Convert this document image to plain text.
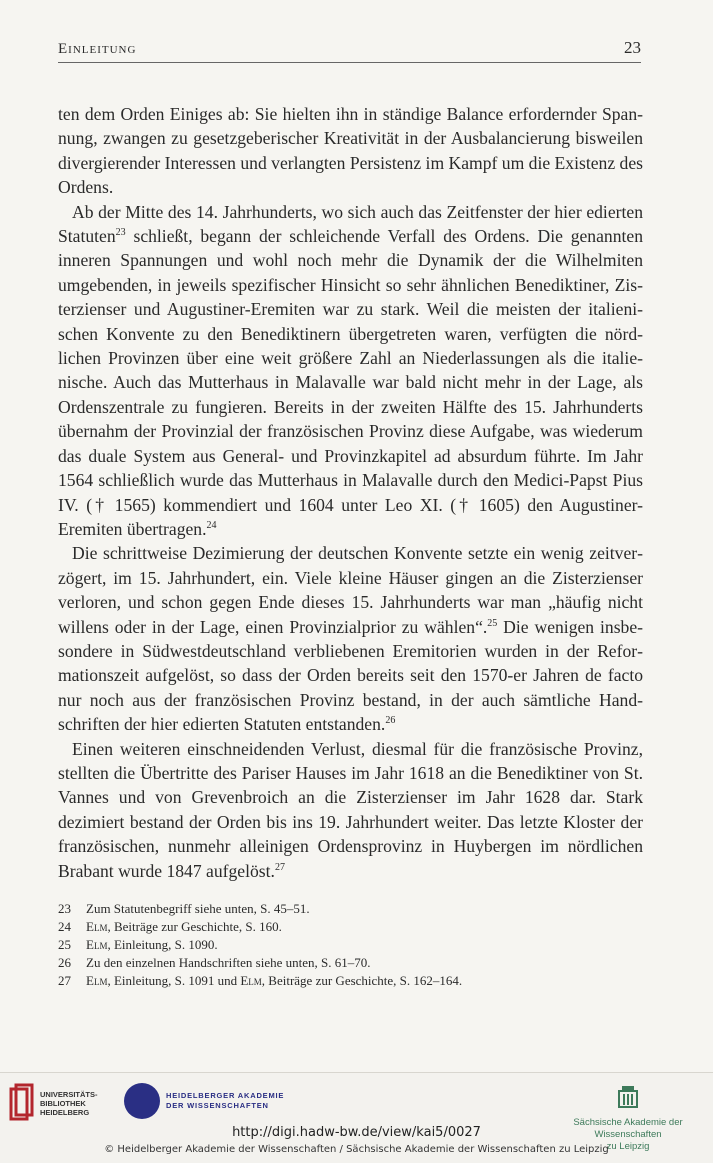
Einleitung	23

ten dem Orden Einiges ab: Sie hielten ihn in ständige Balance erfordernder Spannung, zwangen zu gesetzgeberischer Kreativität in der Ausbalancierung bisweilen divergierender Interessen und verlangten Persistenz im Kampf um die Existenz des Ordens.

Ab der Mitte des 14. Jahrhunderts, wo sich auch das Zeitfenster der hier edierten Statuten$^{23}$ schließt, begann der schleichende Verfall des Ordens. Die genannten inneren Spannungen und wohl noch mehr die Dynamik der die Wilhelmiten umgebenden, in jeweils spezifischer Hinsicht so sehr ähnlichen Benediktiner, Zisterzienser und Augustiner-Eremiten war zu stark. Weil die meisten der italienischen Konvente zu den Benediktinern übergetreten waren, verfügten die nördlichen Provinzen über eine weit größere Zahl an Niederlassungen als die italienische. Auch das Mutterhaus in Malavalle war bald nicht mehr in der Lage, als Ordenszentrale zu fungieren. Bereits in der zweiten Hälfte des 15. Jahrhunderts übernahm der Provinzial der französischen Provinz diese Aufgabe, was wiederum das duale System aus General- und Provinzkapitel ad absurdum führte. Im Jahr 1564 schließlich wurde das Mutterhaus in Malavalle durch den Medici-Papst Pius IV. († 1565) kommendiert und 1604 unter Leo XI. († 1605) den Augustiner-Eremiten übertragen.$^{24}$

Die schrittweise Dezimierung der deutschen Konvente setzte ein wenig zeitverzögert, im 15. Jahrhundert, ein. Viele kleine Häuser gingen an die Zisterzienser verloren, und schon gegen Ende dieses 15. Jahrhunderts war man „häufig nicht willens oder in der Lage, einen Provinzialprior zu wählen“.$^{25}$ Die wenigen insbesondere in Südwestdeutschland verbliebenen Eremitorien wurden in der Reformationszeit aufgelöst, so dass der Orden bereits seit den 1570-er Jahren de facto nur noch aus der französischen Provinz bestand, in der auch sämtliche Handschriften der hier edierten Statuten entstanden.$^{26}$

Einen weiteren einschneidenden Verlust, diesmal für die französische Provinz, stellten die Übertritte des Pariser Hauses im Jahr 1618 an die Benediktiner von St. Vannes und von Grevenbroich an die Zisterzienser im Jahr 1628 dar. Stark dezimiert bestand der Orden bis ins 19. Jahrhundert weiter. Das letzte Kloster der französischen, nunmehr alleinigen Ordensprovinz in Huybergen im nördlichen Brabant wurde 1847 aufgelöst.$^{27}$

23	Zum Statutenbegriff siehe unten, S. 45–51.
24	Elm, Beiträge zur Geschichte, S. 160.
25	Elm, Einleitung, S. 1090.
26	Zu den einzelnen Handschriften siehe unten, S. 61–70.
27	Elm, Einleitung, S. 1091 und Elm, Beiträge zur Geschichte, S. 162–164.
UNIVERSITÄTS-
BIBLIOTHEK
HEIDELBERG
HEIDELBERGER AKADEMIE
DER WISSENSCHAFTEN
Sächsische Akademie der Wissenschaften
zu Leipzig
http://digi.hadw-bw.de/view/kai5/0027
© Heidelberger Akademie der Wissenschaften / Sächsische Akademie der Wissenschaften zu Leipzig
